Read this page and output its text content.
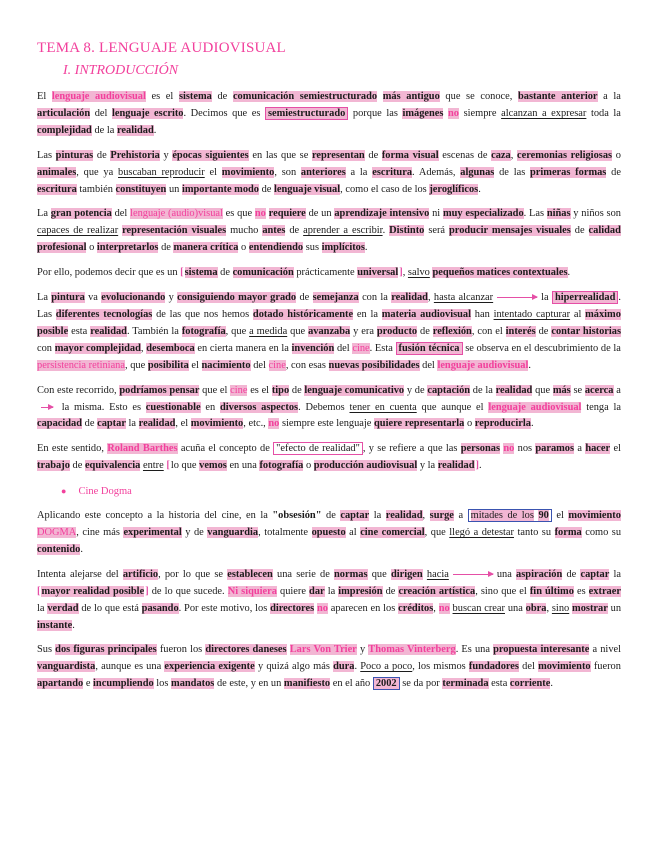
TEMA 8. LENGUAJE AUDIOVISUAL
I. INTRODUCCIÓN

El lenguaje audiovisual es el sistema de comunicación semiestructurado más antiguo que se conoce, bastante anterior a la articulación del lenguaje escrito. Decimos que es semiestructurado porque las imágenes no siempre alcanzan a expresar toda la complejidad de la realidad.

Las pinturas de Prehistoria y épocas siguientes en las que se representan de forma visual escenas de caza, ceremonias religiosas o animales, que ya buscaban reproducir el movimiento, son anteriores a la escritura. Además, algunas de las primeras formas de escritura también constituyen un importante modo de lenguaje visual, como el caso de los jeroglíficos.

La gran potencia del lenguaje (audio)visual es que no requiere de un aprendizaje intensivo ni muy especializado. Las niñas y niños son capaces de realizar representación visuales mucho antes de aprender a escribir. Distinto será producir mensajes visuales de calidad profesional o interpretarlos de manera crítica o entendiendo sus implícitos.

Por ello, podemos decir que es un [sistema de comunicación prácticamente universal], salvo pequeños matices contextuales.

La pintura va evolucionando y consiguiendo mayor grado de semejanza con la realidad, hasta alcanzar	la hiperrealidad . Las diferentes tecnologías de las que nos hemos dotado históricamente en la materia audiovisual han intentado capturar al máximo posible esta realidad. También la fotografía, que a medida que avanzaba y era producto de reflexión, con el interés de contar historias con mayor complejidad, desemboca en cierta manera en la invención del cine. Esta fusión técnica se observa en el descubrimiento de la persistencia retiniana, que posibilita el nacimiento del cine, con esas nuevas posibilidades del lenguaje audiovisual.

Con este recorrido, podríamos pensar que el cine es el tipo de lenguaje comunicativo y de captación de la realidad que más se acerca a la misma. Esto es cuestionable en diversos aspectos. Debemos tener en cuenta que aunque el lenguaje audiovisual tenga la capacidad de captar la realidad, el movimiento, etc., no siempre este lenguaje quiere representarla o reproducirla.

En este sentido, Roland Barthes acuña el concepto de "efecto de realidad" , y se refiere a que las personas no nos paramos a hacer el trabajo de equivalencia entre [lo que vemos en una fotografía o producción audiovisual y la realidad].

● Cine Dogma

Aplicando este concepto a la historia del cine, en la "obsesión" de captar la realidad, surge a mitades de los 90 el movimiento DOGMA, cine más experimental y de vanguardia, totalmente opuesto al cine comercial, que llegó a detestar tanto su forma como su contenido.

Intenta alejarse del artificio, por lo que se establecen una serie de normas que dirigen hacia	una aspiración de captar la [mayor realidad posible] de lo que sucede. Ni siquiera quiere dar la impresión de creación artística, sino que el fin último es extraer la verdad de lo que está pasando. Por este motivo, los directores no aparecen en los créditos, no buscan crear una obra, sino mostrar un instante.

Sus dos figuras principales fueron los directores daneses Lars Von Trier y Thomas Vinterberg. Es una propuesta interesante a nivel vanguardista, aunque es una experiencia exigente y quizá algo más dura. Poco a poco, los mismos fundadores del movimiento fueron apartando e incumpliendo los mandatos de este, y en un manifiesto en el año 2002 se da por terminada esta corriente.
